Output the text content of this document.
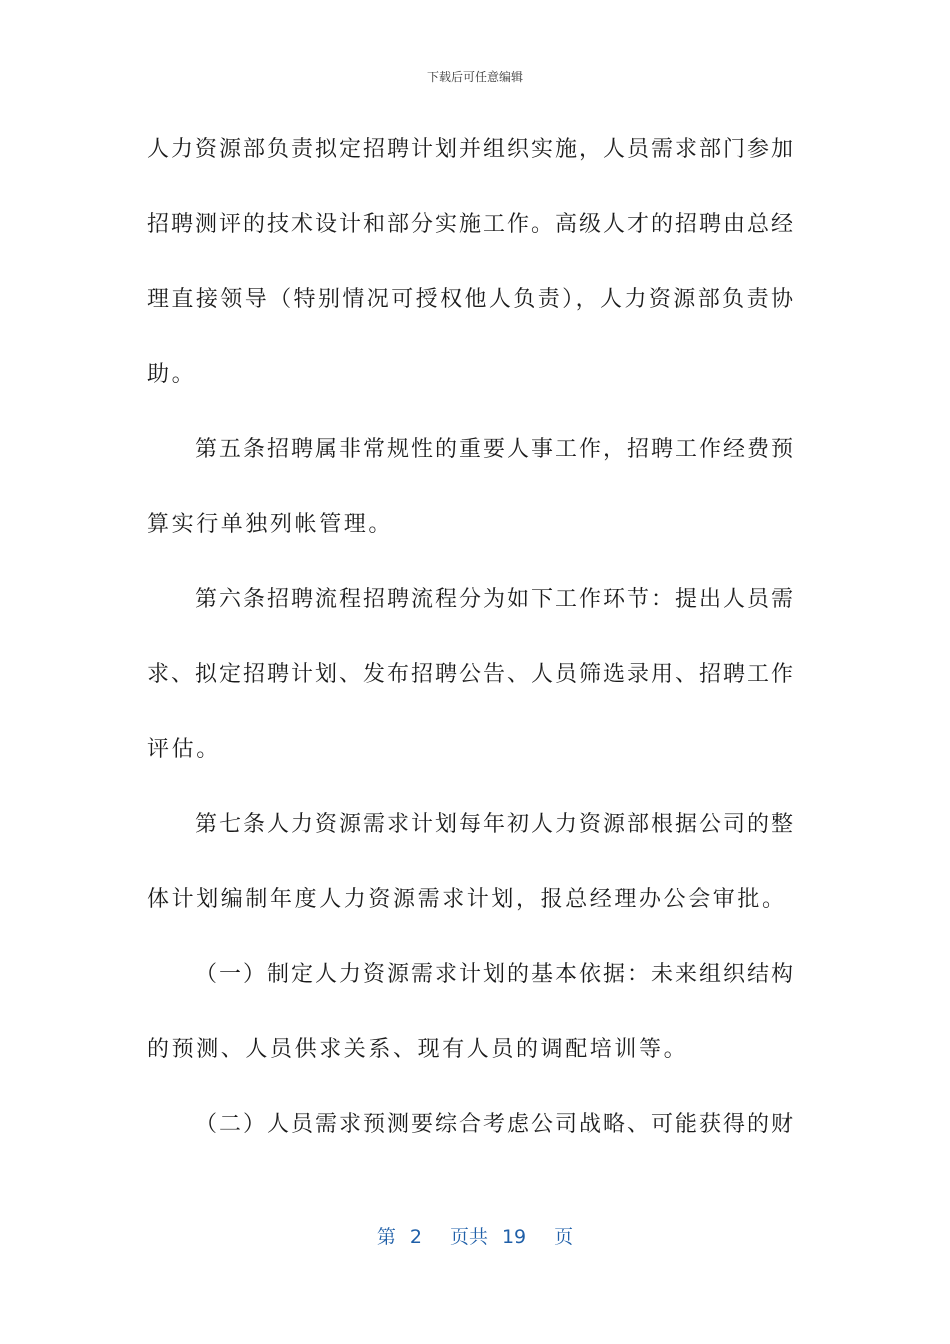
下载后可任意编辑
人力资源部负责拟定招聘计划并组织实施，人员需求部门参加
招聘测评的技术设计和部分实施工作。高级人才的招聘由总经
理直接领导（特别情况可授权他人负责），人力资源部负责协
助。
第五条招聘属非常规性的重要人事工作，招聘工作经费预
算实行单独列帐管理。
第六条招聘流程招聘流程分为如下工作环节：提出人员需
求、拟定招聘计划、发布招聘公告、人员筛选录用、招聘工作
评估。
第七条人力资源需求计划每年初人力资源部根据公司的整
体计划编制年度人力资源需求计划，报总经理办公会审批。
（一）制定人力资源需求计划的基本依据：未来组织结构
的预测、人员供求关系、现有人员的调配培训等。
（二）人员需求预测要综合考虑公司战略、可能获得的财
第 2 页共 19 页
